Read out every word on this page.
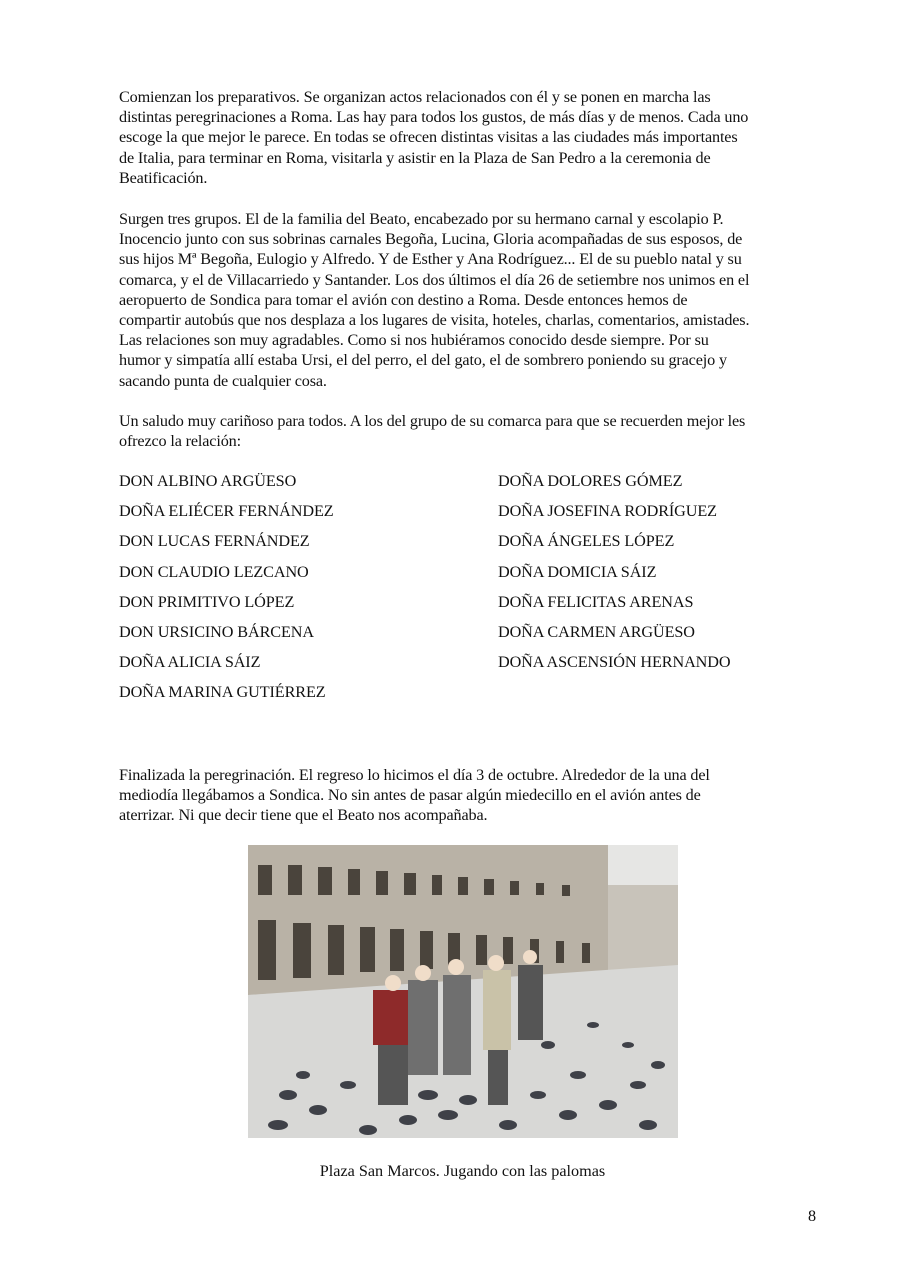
Comienzan los preparativos. Se organizan actos relacionados con él y se ponen en marcha las
distintas peregrinaciones a Roma. Las hay para todos los gustos, de más días y de menos. Cada uno
escoge la que mejor le parece. En todas se ofrecen distintas visitas a las ciudades más importantes
de Italia, para terminar en Roma, visitarla y asistir en la Plaza de San Pedro a la ceremonia de
Beatificación.
Surgen tres grupos. El de la familia del Beato, encabezado por su hermano carnal y escolapio P.
Inocencio junto con sus sobrinas carnales Begoña, Lucina, Gloria acompañadas de sus esposos, de
sus hijos Mª Begoña, Eulogio y Alfredo. Y de Esther y Ana Rodríguez... El de su pueblo natal y su
comarca, y el de Villacarriedo y Santander. Los dos últimos el día 26 de setiembre nos unimos en el
aeropuerto de Sondica para tomar el avión con destino a Roma. Desde entonces hemos de
compartir autobús que nos desplaza a los lugares de visita, hoteles, charlas, comentarios, amistades.
Las relaciones son muy agradables. Como si nos hubiéramos conocido desde siempre. Por su
humor y simpatía allí estaba Ursi, el del perro, el del gato, el de sombrero poniendo su gracejo y
sacando punta de cualquier cosa.
Un saludo muy cariñoso para todos. A los del grupo de su comarca para que se recuerden mejor les
ofrezco la relación:
DON ALBINO ARGÜESO
DOÑA ELIÉCER FERNÁNDEZ
DON LUCAS FERNÁNDEZ
DON CLAUDIO LEZCANO
DON PRIMITIVO LÓPEZ
DON URSICINO BÁRCENA
DOÑA ALICIA SÁIZ
DOÑA MARINA GUTIÉRREZ
DOÑA DOLORES GÓMEZ
DOÑA JOSEFINA RODRÍGUEZ
DOÑA ÁNGELES LÓPEZ
DOÑA DOMICIA SÁIZ
DOÑA FELICITAS ARENAS
DOÑA CARMEN ARGÜESO
DOÑA ASCENSIÓN HERNANDO
Finalizada la peregrinación. El regreso lo hicimos el día 3 de octubre. Alrededor de la una del
mediodía llegábamos a Sondica. No sin antes de pasar algún miedecillo en el avión antes de
aterrizar. Ni que decir tiene que el Beato nos acompañaba.
Plaza San Marcos. Jugando con las palomas
8
